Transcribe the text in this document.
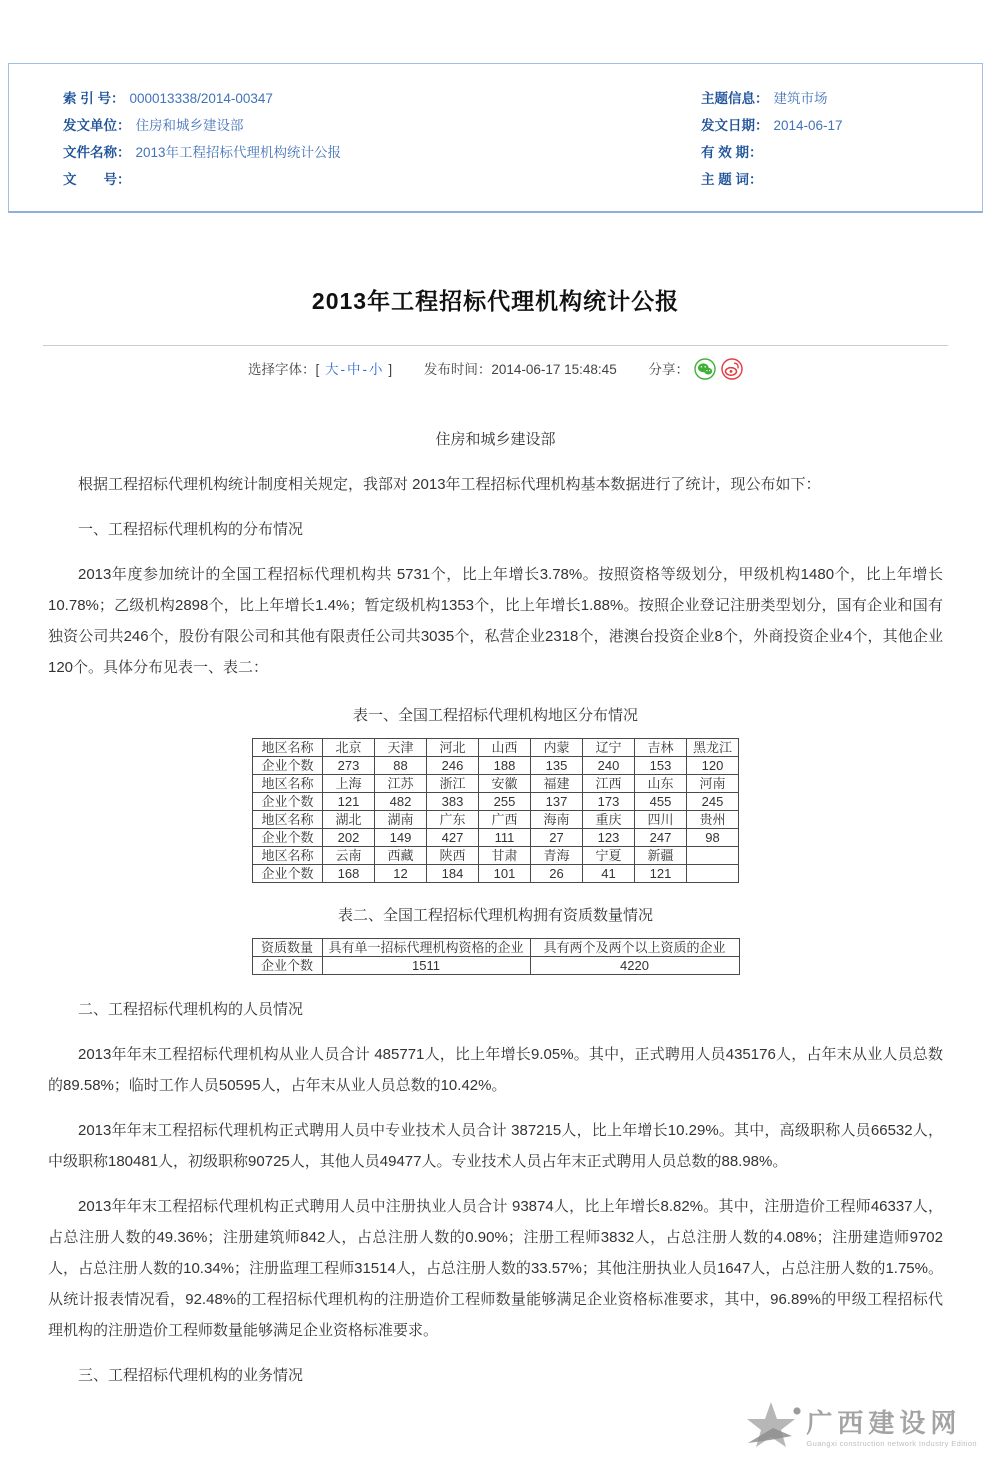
索 引 号： 000013338/2014-00347
发文单位： 住房和城乡建设部
文件名称： 2013年工程招标代理机构统计公报
文　　号：
主题信息： 建筑市场
发文日期： 2014-06-17
有 效 期：
主 题 词：
2013年工程招标代理机构统计公报
选择字体：[ 大 - 中 - 小 ] 发布时间：2014-06-17 15:48:45 分享：
住房和城乡建设部

根据工程招标代理机构统计制度相关规定，我部对 2013年工程招标代理机构基本数据进行了统计，现公布如下：

一、工程招标代理机构的分布情况

2013年度参加统计的全国工程招标代理机构共 5731个，比上年增长3.78%。按照资格等级划分，甲级机构1480个，比上年增长10.78%；乙级机构2898个，比上年增长1.4%；暂定级机构1353个，比上年增长1.88%。按照企业登记注册类型划分，国有企业和国有独资公司共246个，股份有限公司和其他有限责任公司共3035个，私营企业2318个，港澳台投资企业8个，外商投资企业4个，其他企业120个。具体分布见表一、表二：

表一、全国工程招标代理机构地区分布情况
地区名称	北京	天津	河北	山西	内蒙	辽宁	吉林	黑龙江
企业个数	273	88	246	188	135	240	153	120
地区名称	上海	江苏	浙江	安徽	福建	江西	山东	河南
企业个数	121	482	383	255	137	173	455	245
地区名称	湖北	湖南	广东	广西	海南	重庆	四川	贵州
企业个数	202	149	427	111	27	123	247	98
地区名称	云南	西藏	陕西	甘肃	青海	宁夏	新疆	
企业个数	168	12	184	101	26	41	121	
表二、全国工程招标代理机构拥有资质数量情况
资质数量	具有单一招标代理机构资格的企业	具有两个及两个以上资质的企业
企业个数	1511	4220
二、工程招标代理机构的人员情况

2013年年末工程招标代理机构从业人员合计 485771人，比上年增长9.05%。其中，正式聘用人员435176人，占年末从业人员总数的89.58%；临时工作人员50595人，占年末从业人员总数的10.42%。

2013年年末工程招标代理机构正式聘用人员中专业技术人员合计 387215人，比上年增长10.29%。其中，高级职称人员66532人，中级职称180481人，初级职称90725人，其他人员49477人。专业技术人员占年末正式聘用人员总数的88.98%。

2013年年末工程招标代理机构正式聘用人员中注册执业人员合计 93874人，比上年增长8.82%。其中，注册造价工程师46337人，占总注册人数的49.36%；注册建筑师842人，占总注册人数的0.90%；注册工程师3832人，占总注册人数的4.08%；注册建造师9702人，占总注册人数的10.34%；注册监理工程师31514人，占总注册人数的33.57%；其他注册执业人员1647人，占总注册人数的1.75%。从统计报表情况看，92.48%的工程招标代理机构的注册造价工程师数量能够满足企业资格标准要求，其中，96.89%的甲级工程招标代理机构的注册造价工程师数量能够满足企业资格标准要求。

三、工程招标代理机构的业务情况
广西建设网
Guangxi construction network Industry Edition
